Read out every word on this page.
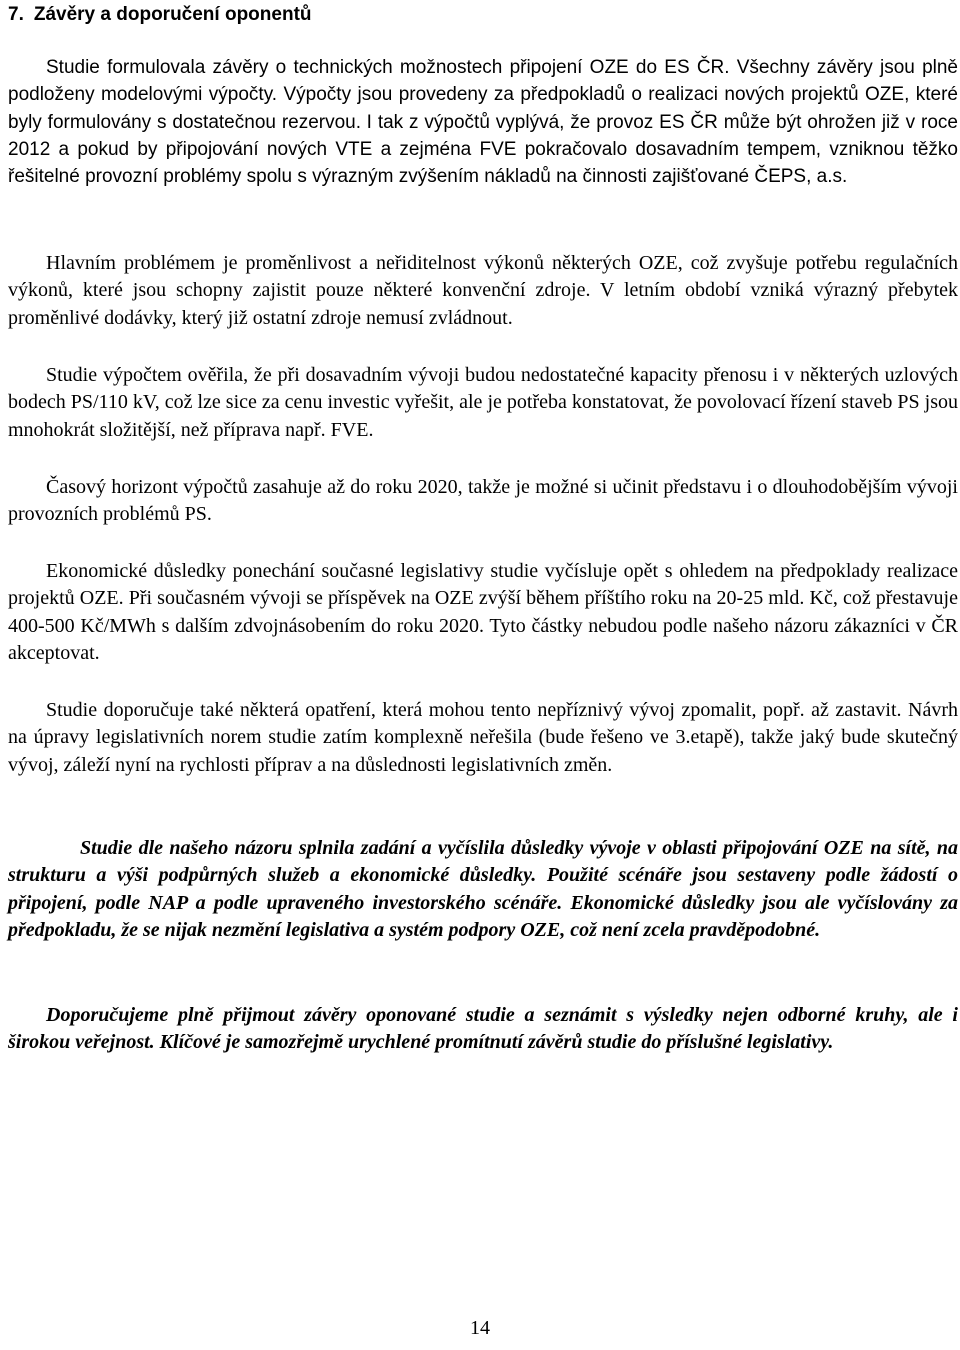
7. Závěry a doporučení oponentů

Studie formulovala závěry o technických možnostech připojení OZE do ES ČR. Všechny závěry jsou plně podloženy modelovými výpočty. Výpočty jsou provedeny za předpokladů o realizaci nových projektů OZE, které byly formulovány s dostatečnou rezervou. I tak z výpočtů vyplývá, že provoz ES ČR může být ohrožen již v roce 2012 a pokud by připojování nových VTE a zejména FVE pokračovalo dosavadním tempem, vzniknou těžko řešitelné provozní problémy spolu s výrazným zvýšením nákladů na činnosti zajišťované ČEPS, a.s.

Hlavním problémem je proměnlivost a neřiditelnost výkonů některých OZE, což zvyšuje potřebu regulačních výkonů, které jsou schopny zajistit pouze některé konvenční zdroje. V letním období vzniká výrazný přebytek proměnlivé dodávky, který již ostatní zdroje nemusí zvládnout.

Studie výpočtem ověřila, že při dosavadním vývoji budou nedostatečné kapacity přenosu i v některých uzlových bodech PS/110 kV, což lze sice za cenu investic vyřešit, ale je potřeba konstatovat, že povolovací řízení staveb PS jsou mnohokrát složitější, než příprava např. FVE.

Časový horizont výpočtů zasahuje až do roku 2020, takže je možné si učinit představu i o dlouhodobějším vývoji provozních problémů PS.

Ekonomické důsledky ponechání současné legislativy studie vyčísluje opět s ohledem na předpoklady realizace projektů OZE. Při současném vývoji se příspěvek na OZE zvýší během příštího roku na 20-25 mld. Kč, což přestavuje 400-500 Kč/MWh s dalším zdvojnásobením do roku 2020. Tyto částky nebudou podle našeho názoru zákazníci v ČR akceptovat.

Studie doporučuje také některá opatření, která mohou tento nepříznivý vývoj zpomalit, popř. až zastavit. Návrh na úpravy legislativních norem studie zatím komplexně neřešila (bude řešeno ve 3.etapě), takže jaký bude skutečný vývoj, záleží nyní na rychlosti příprav a na důslednosti legislativních změn.

Studie dle našeho názoru splnila zadání a vyčíslila důsledky vývoje v oblasti připojování OZE na sítě, na strukturu a výši podpůrných služeb a ekonomické důsledky. Použité scénáře jsou sestaveny podle žádostí o připojení, podle NAP a podle upraveného investorského scénáře. Ekonomické důsledky jsou ale vyčíslovány za předpokladu, že se nijak nezmění legislativa a systém podpory OZE, což není zcela pravděpodobné.

Doporučujeme plně přijmout závěry oponované studie a seznámit s výsledky nejen odborné kruhy, ale i širokou veřejnost. Klíčové je samozřejmě urychlené promítnutí závěrů studie do příslušné legislativy.

14
